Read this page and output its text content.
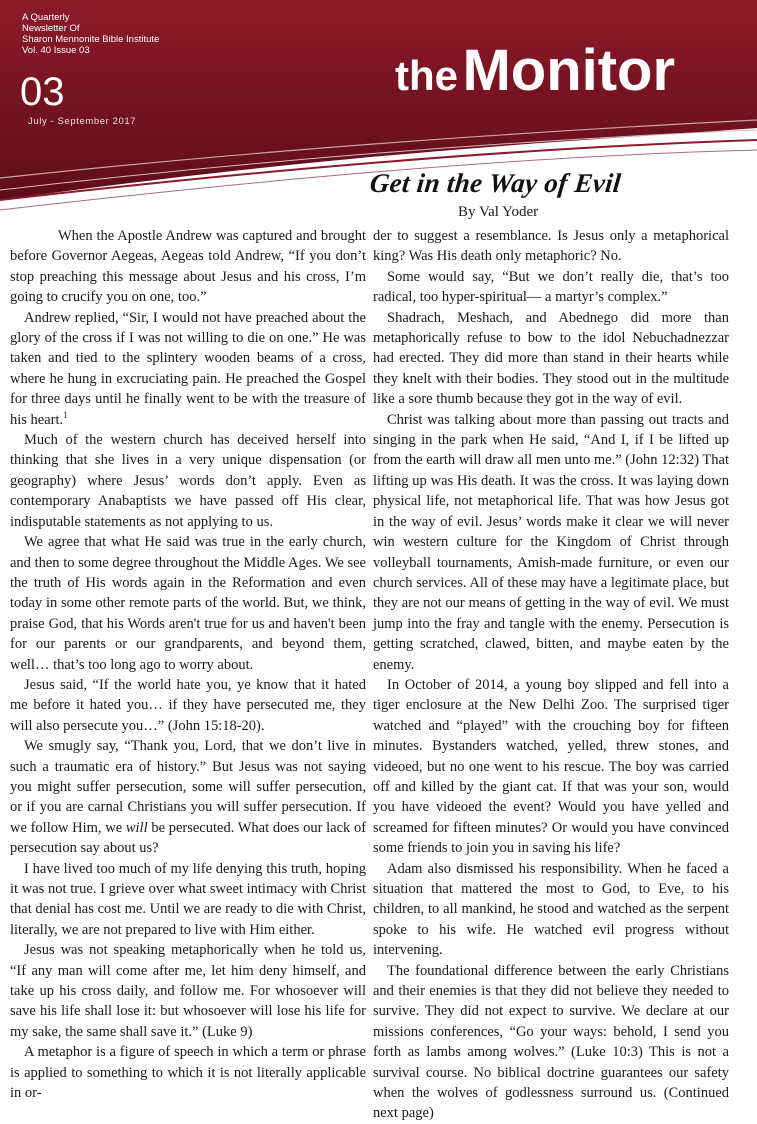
A Quarterly
Newsletter Of
Sharon Mennonite Bible Institute
Vol. 40 Issue 03
03
July - September 2017
the Monitor
Get in the Way of Evil
By Val Yoder

When the Apostle Andrew was captured and brought before Governor Aegeas, Aegeas told Andrew, “If you don’t stop preaching this message about Jesus and his cross, I’m going to crucify you on one, too.”

Andrew replied, “Sir, I would not have preached about the glory of the cross if I was not willing to die on one.” He was taken and tied to the splintery wooden beams of a cross, where he hung in excruciating pain. He preached the Gospel for three days until he finally went to be with the treasure of his heart.$^1$

Much of the western church has deceived herself into thinking that she lives in a very unique dispensation (or geography) where Jesus’ words don’t apply. Even as contemporary Anabaptists we have passed off His clear, indisputable statements as not applying to us.

We agree that what He said was true in the early church, and then to some degree throughout the Middle Ages. We see the truth of His words again in the Reformation and even today in some other remote parts of the world. But, we think, praise God, that his Words aren't true for us and haven't been for our parents or our grandparents, and beyond them, well… that’s too long ago to worry about.

Jesus said, “If the world hate you, ye know that it hated me before it hated you… if they have persecuted me, they will also persecute you…” (John 15:18-20).

We smugly say, “Thank you, Lord, that we don’t live in such a traumatic era of history.” But Jesus was not saying you might suffer persecution, some will suffer persecution, or if you are carnal Christians you will suffer persecution. If we follow Him, we will be persecuted. What does our lack of persecution say about us?

I have lived too much of my life denying this truth, hoping it was not true. I grieve over what sweet intimacy with Christ that denial has cost me. Until we are ready to die with Christ, literally, we are not prepared to live with Him either.

Jesus was not speaking metaphorically when he told us, “If any man will come after me, let him deny himself, and take up his cross daily, and follow me. For whosoever will save his life shall lose it: but whosoever will lose his life for my sake, the same shall save it.” (Luke 9)

A metaphor is a figure of speech in which a term or phrase is applied to something to which it is not literally applicable in or-

der to suggest a resemblance. Is Jesus only a metaphorical king? Was His death only metaphoric? No.

Some would say, “But we don’t really die, that’s too radical, too hyper-spiritual— a martyr’s complex.”

Shadrach, Meshach, and Abednego did more than metaphorically refuse to bow to the idol Nebuchadnezzar had erected. They did more than stand in their hearts while they knelt with their bodies. They stood out in the multitude like a sore thumb because they got in the way of evil.

Christ was talking about more than passing out tracts and singing in the park when He said, “And I, if I be lifted up from the earth will draw all men unto me.” (John 12:32) That lifting up was His death. It was the cross. It was laying down physical life, not metaphorical life. That was how Jesus got in the way of evil. Jesus’ words make it clear we will never win western culture for the Kingdom of Christ through volleyball tournaments, Amish-made furniture, or even our church services. All of these may have a legitimate place, but they are not our means of getting in the way of evil. We must jump into the fray and tangle with the enemy. Persecution is getting scratched, clawed, bitten, and maybe eaten by the enemy.

In October of 2014, a young boy slipped and fell into a tiger enclosure at the New Delhi Zoo. The surprised tiger watched and “played” with the crouching boy for fifteen minutes. Bystanders watched, yelled, threw stones, and videoed, but no one went to his rescue. The boy was carried off and killed by the giant cat. If that was your son, would you have videoed the event? Would you have yelled and screamed for fifteen minutes? Or would you have convinced some friends to join you in saving his life?

Adam also dismissed his responsibility. When he faced a situation that mattered the most to God, to Eve, to his children, to all mankind, he stood and watched as the serpent spoke to his wife. He watched evil progress without intervening.

The foundational difference between the early Christians and their enemies is that they did not believe they needed to survive. They did not expect to survive. We declare at our missions conferences, “Go your ways: behold, I send you forth as lambs among wolves.” (Luke 10:3) This is not a survival course. No biblical doctrine guarantees our safety when the wolves of godlessness surround us. (Continued next page)
